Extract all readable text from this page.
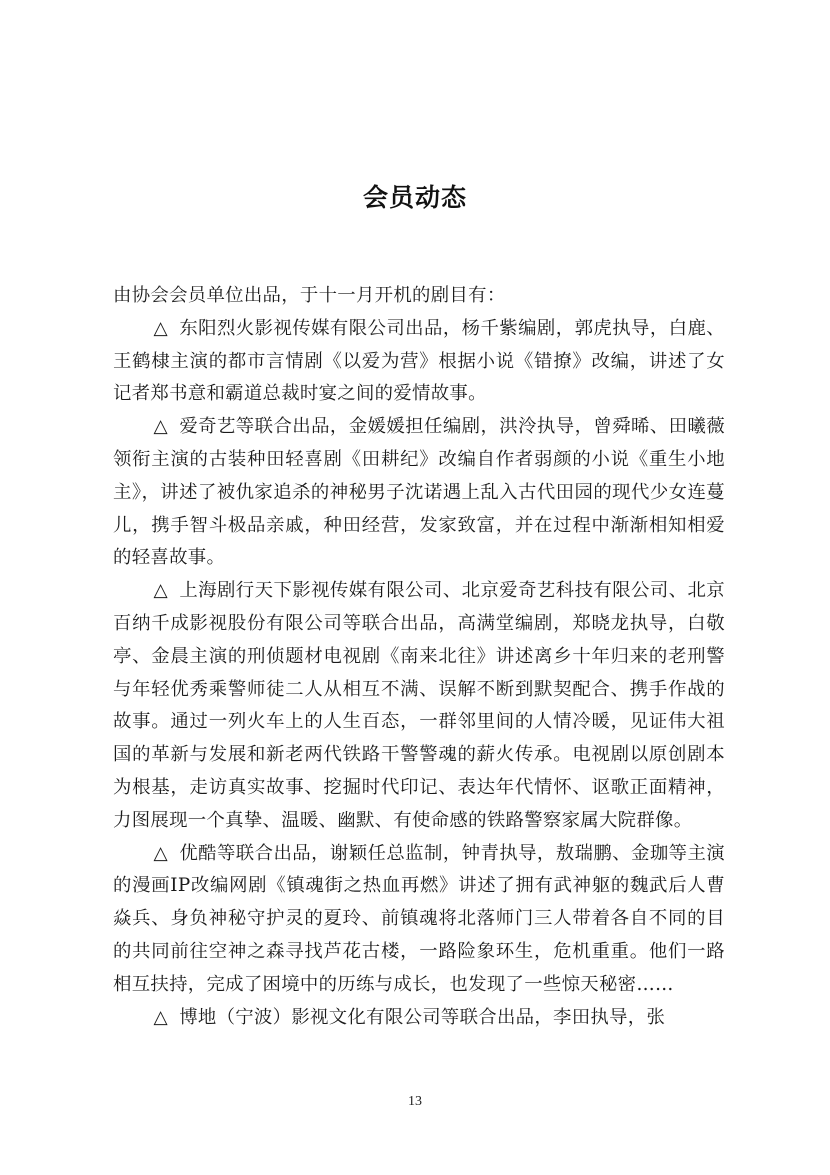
会员动态

由协会会员单位出品，于十一月开机的剧目有：

△ 东阳烈火影视传媒有限公司出品，杨千紫编剧，郭虎执导，白鹿、王鹤棣主演的都市言情剧《以爱为营》根据小说《错撩》改编，讲述了女记者郑书意和霸道总裁时宴之间的爱情故事。

△ 爱奇艺等联合出品，金媛媛担任编剧，洪泠执导，曾舜晞、田曦薇领衔主演的古装种田轻喜剧《田耕纪》改编自作者弱颜的小说《重生小地主》，讲述了被仇家追杀的神秘男子沈诺遇上乱入古代田园的现代少女连蔓儿，携手智斗极品亲戚，种田经营，发家致富，并在过程中渐渐相知相爱的轻喜故事。

△ 上海剧行天下影视传媒有限公司、北京爱奇艺科技有限公司、北京百纳千成影视股份有限公司等联合出品，高满堂编剧，郑晓龙执导，白敬亭、金晨主演的刑侦题材电视剧《南来北往》讲述离乡十年归来的老刑警与年轻优秀乘警师徒二人从相互不满、误解不断到默契配合、携手作战的故事。通过一列火车上的人生百态，一群邻里间的人情冷暖，见证伟大祖国的革新与发展和新老两代铁路干警警魂的薪火传承。电视剧以原创剧本为根基，走访真实故事、挖掘时代印记、表达年代情怀、讴歌正面精神，力图展现一个真挚、温暖、幽默、有使命感的铁路警察家属大院群像。

△ 优酷等联合出品，谢颖任总监制，钟青执导，敖瑞鹏、金珈等主演的漫画IP改编网剧《镇魂街之热血再燃》讲述了拥有武神躯的魏武后人曹焱兵、身负神秘守护灵的夏玲、前镇魂将北落师门三人带着各自不同的目的共同前往空神之森寻找芦花古楼，一路险象环生，危机重重。他们一路相互扶持，完成了困境中的历练与成长，也发现了一些惊天秘密……

△ 博地（宁波）影视文化有限公司等联合出品，李田执导，张

13
